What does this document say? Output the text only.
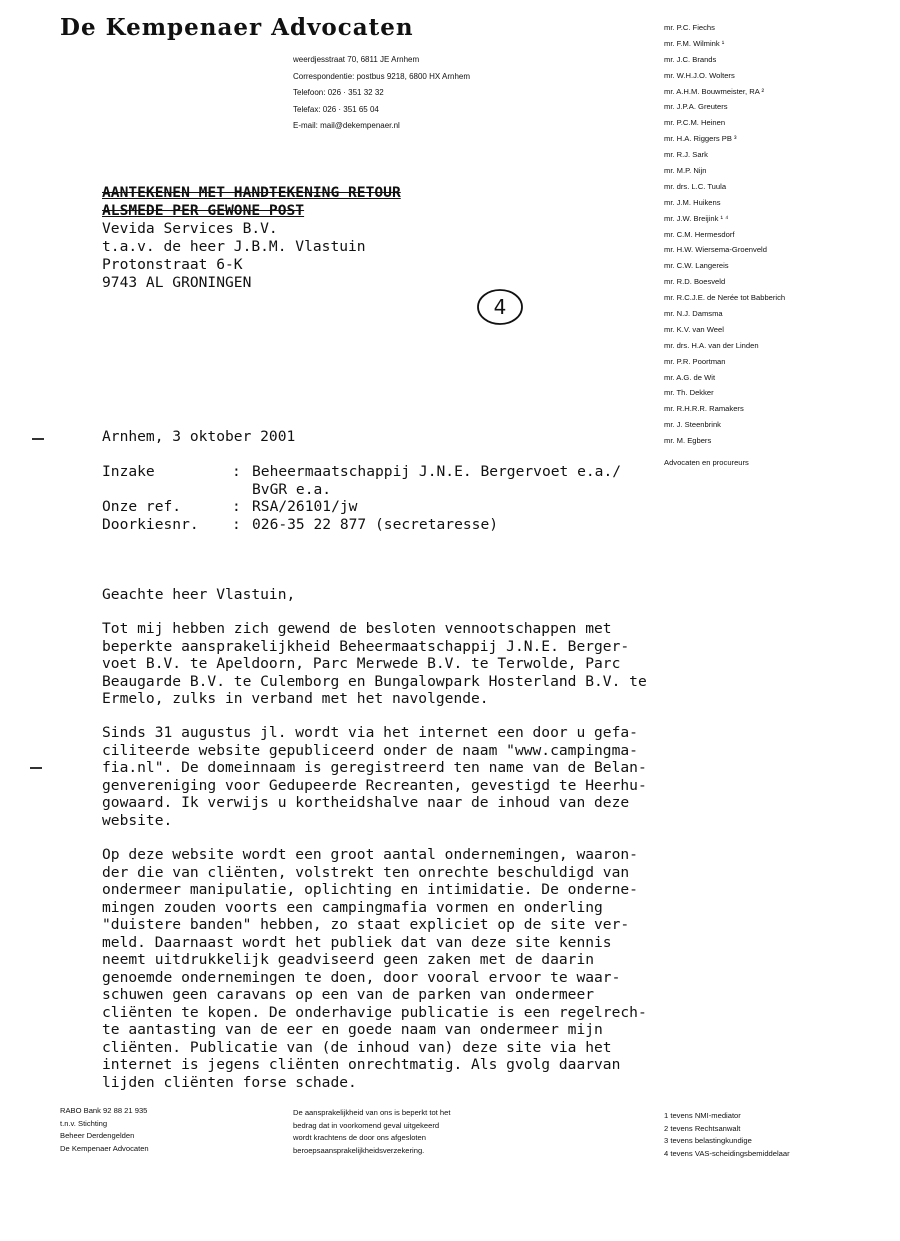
De Kempenaer Advocaten
weerdjesstraat 70, 6811 JE Arnhem
Correspondentie: postbus 9218, 6800 HX Arnhem
Telefoon: 026 · 351 32 32
Telefax: 026 · 351 65 04
E-mail: mail@dekempenaer.nl
mr. P.C. Fiechs
mr. F.M. Wilmink ¹
mr. J.C. Brands
mr. W.H.J.O. Wolters
mr. A.H.M. Bouwmeister, RA ²
mr. J.P.A. Greuters
mr. P.C.M. Heinen
mr. H.A. Riggers PB ³
mr. R.J. Sark
mr. M.P. Nijn
mr. drs. L.C. Tuula
mr. J.M. Huikens
mr. J.W. Breijink ¹ ⁴
mr. C.M. Hermesdorf
mr. H.W. Wiersema-Groenveld
mr. C.W. Langereis
mr. R.D. Boesveld
mr. R.C.J.E. de Nerée tot Babberich
mr. N.J. Damsma
mr. K.V. van Weel
mr. drs. H.A. van der Linden
mr. P.R. Poortman
mr. A.G. de Wit
mr. Th. Dekker
mr. R.H.R.R. Ramakers
mr. J. Steenbrink
mr. M. Egbers
Advocaten en procureurs
AANTEKENEN MET HANDTEKENING RETOUR
ALSMEDE PER GEWONE POST
Vevida Services B.V.
t.a.v. de heer J.B.M. Vlastuin
Protonstraat 6-K
9743 AL GRONINGEN
4
Arnhem, 3 oktober 2001
Inzake	: Beheermaatschappij J.N.E. Bergervoet e.a./
BvGR e.a.
Onze ref.	: RSA/26101/jw
Doorkiesnr.	: 026-35 22 877 (secretaresse)
Geachte heer Vlastuin,
Tot mij hebben zich gewend de besloten vennootschappen met
beperkte aansprakelijkheid Beheermaatschappij J.N.E. Berger-
voet B.V. te Apeldoorn, Parc Merwede B.V. te Terwolde, Parc
Beaugarde B.V. te Culemborg en Bungalowpark Hosterland B.V. te
Ermelo, zulks in verband met het navolgende.
Sinds 31 augustus jl. wordt via het internet een door u gefa-
ciliteerde website gepubliceerd onder de naam "www.campingma-
fia.nl". De domeinnaam is geregistreerd ten name van de Belan-
genvereniging voor Gedupeerde Recreanten, gevestigd te Heerhu-
gowaard. Ik verwijs u kortheidshalve naar de inhoud van deze
website.
Op deze website wordt een groot aantal ondernemingen, waaron-
der die van cliënten, volstrekt ten onrechte beschuldigd van
ondermeer manipulatie, oplichting en intimidatie. De onderne-
mingen zouden voorts een campingmafia vormen en onderling
"duistere banden" hebben, zo staat expliciet op de site ver-
meld. Daarnaast wordt het publiek dat van deze site kennis
neemt uitdrukkelijk geadviseerd geen zaken met de daarin
genoemde ondernemingen te doen, door vooral ervoor te waar-
schuwen geen caravans op een van de parken van ondermeer
cliënten te kopen. De onderhavige publicatie is een regelrech-
te aantasting van de eer en goede naam van ondermeer mijn
cliënten. Publicatie van (de inhoud van) deze site via het
internet is jegens cliënten onrechtmatig. Als gvolg daarvan
lijden cliënten forse schade.
RABO Bank 92 88 21 935
t.n.v. Stichting
Beheer Derdengelden
De Kempenaer Advocaten
De aansprakelijkheid van ons is beperkt tot het
bedrag dat in voorkomend geval uitgekeerd
wordt krachtens de door ons afgesloten
beroepsaansprakelijkheidsverzekering.
1 tevens NMI-mediator
2 tevens Rechtsanwalt
3 tevens belastingkundige
4 tevens VAS-scheidingsbemiddelaar
